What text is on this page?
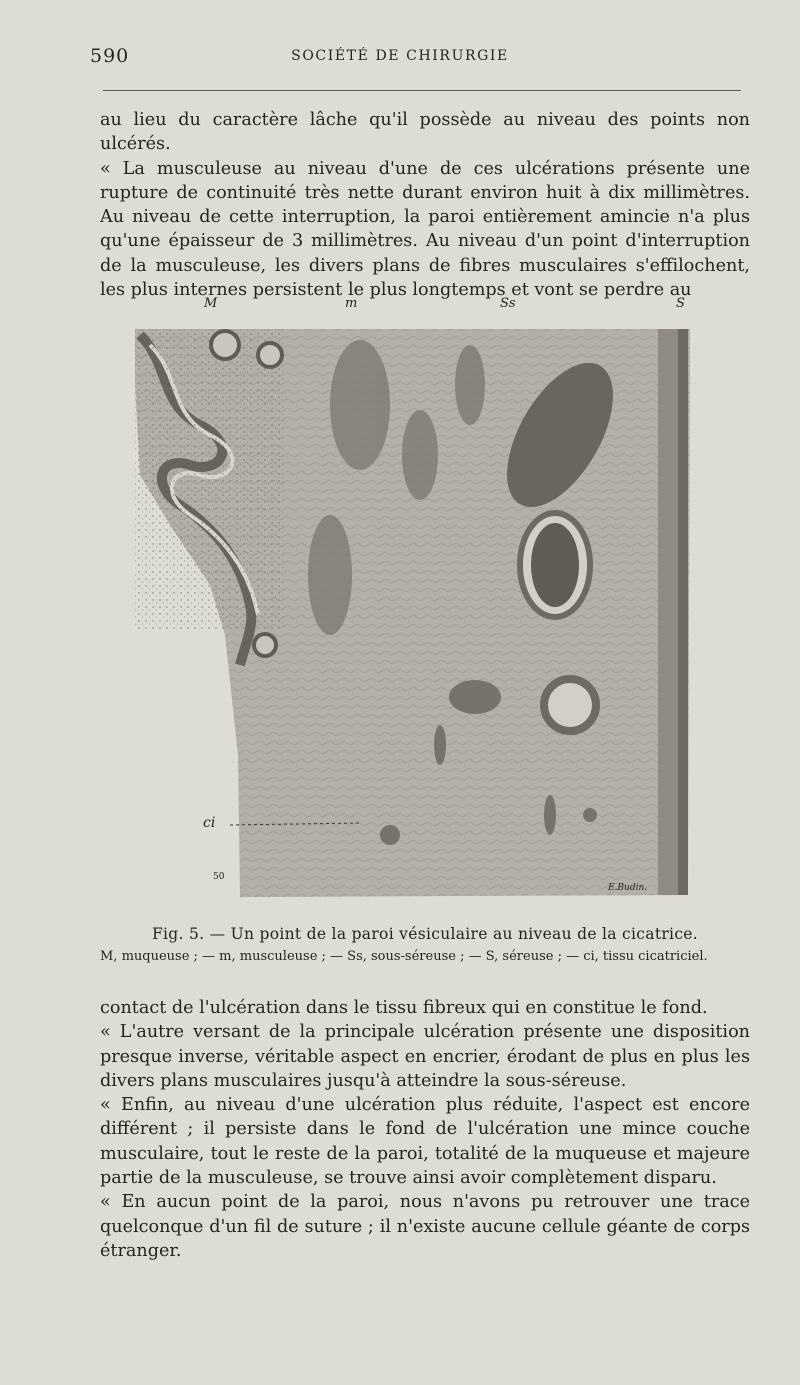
590	SOCIÉTÉ DE CHIRURGIE

au lieu du caractère lâche qu'il possède au niveau des points non ulcérés.

« La musculeuse au niveau d'une de ces ulcérations présente une rupture de continuité très nette durant environ huit à dix millimètres. Au niveau de cette interruption, la paroi entièrement amincie n'a plus qu'une épaisseur de 3 millimètres. Au niveau d'un point d'interruption de la musculeuse, les divers plans de fibres musculaires s'effilochent, les plus internes persistent le plus longtemps et vont se perdre au

M	m	Ss	S
ci
50
E.Budin.
Fig. 5. — Un point de la paroi vésiculaire au niveau de la cicatrice.
M, muqueuse ; — m, musculeuse ; — Ss, sous-séreuse ; — S, séreuse ; — ci, tissu cicatriciel.

contact de l'ulcération dans le tissu fibreux qui en constitue le fond.

« L'autre versant de la principale ulcération présente une disposition presque inverse, véritable aspect en encrier, érodant de plus en plus les divers plans musculaires jusqu'à atteindre la sous-séreuse.

« Enfin, au niveau d'une ulcération plus réduite, l'aspect est encore différent ; il persiste dans le fond de l'ulcération une mince couche musculaire, tout le reste de la paroi, totalité de la muqueuse et majeure partie de la musculeuse, se trouve ainsi avoir complètement disparu.

« En aucun point de la paroi, nous n'avons pu retrouver une trace quelconque d'un fil de suture ; il n'existe aucune cellule géante de corps étranger.
